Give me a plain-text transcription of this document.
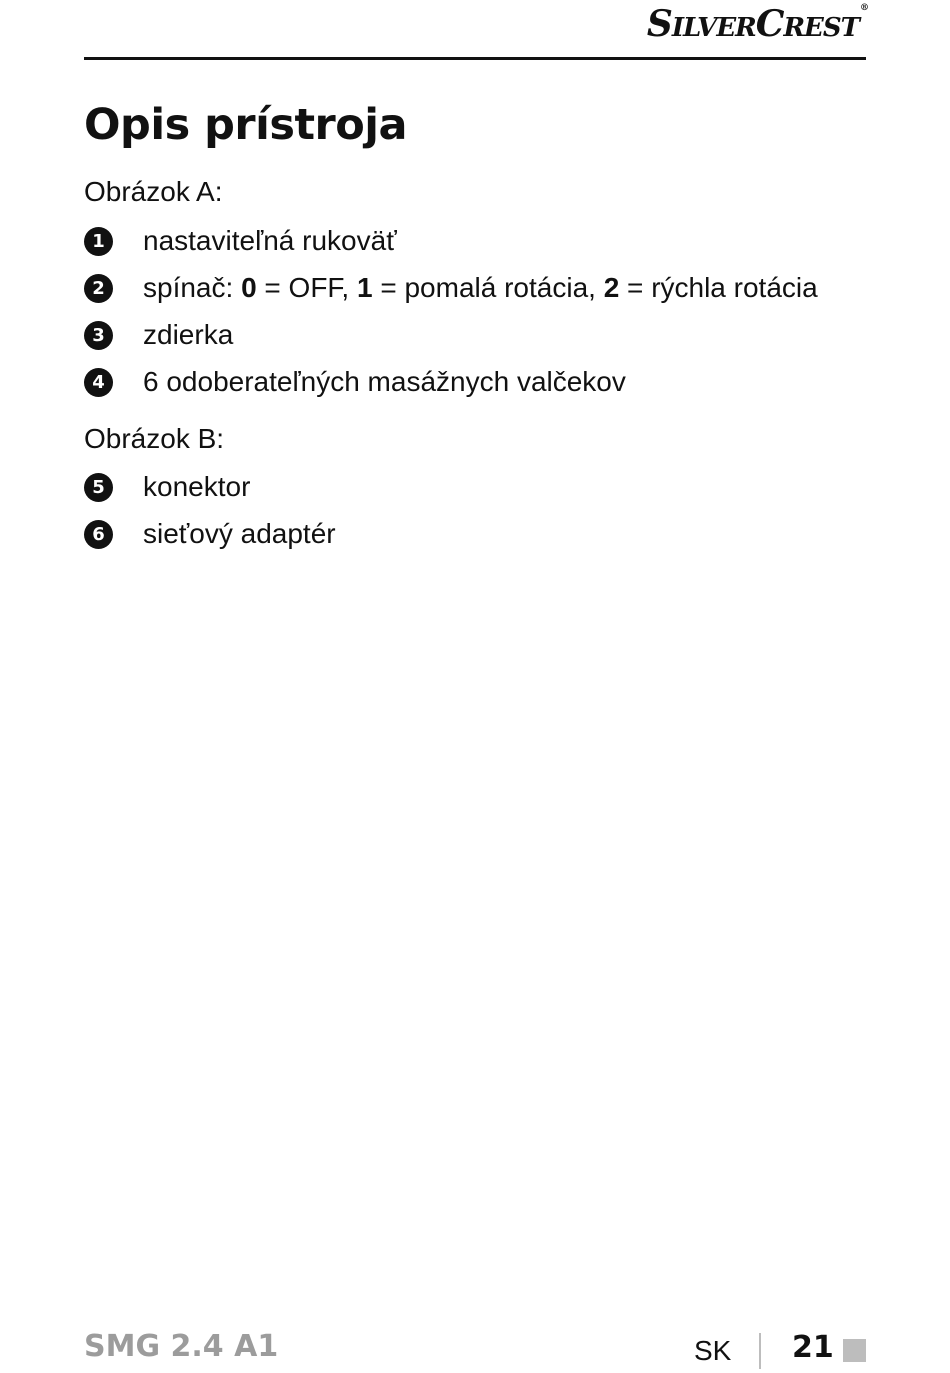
SILVERCREST®
Opis prístroja
Obrázok A:
1 nastaviteľná rukoväť
2 spínač: 0 = OFF, 1 = pomalá rotácia, 2 = rýchla rotácia
3 zdierka
4 6 odoberateľných masážnych valčekov
Obrázok B:
5 konektor
6 sieťový adaptér
SMG 2.4 A1	SK 21
